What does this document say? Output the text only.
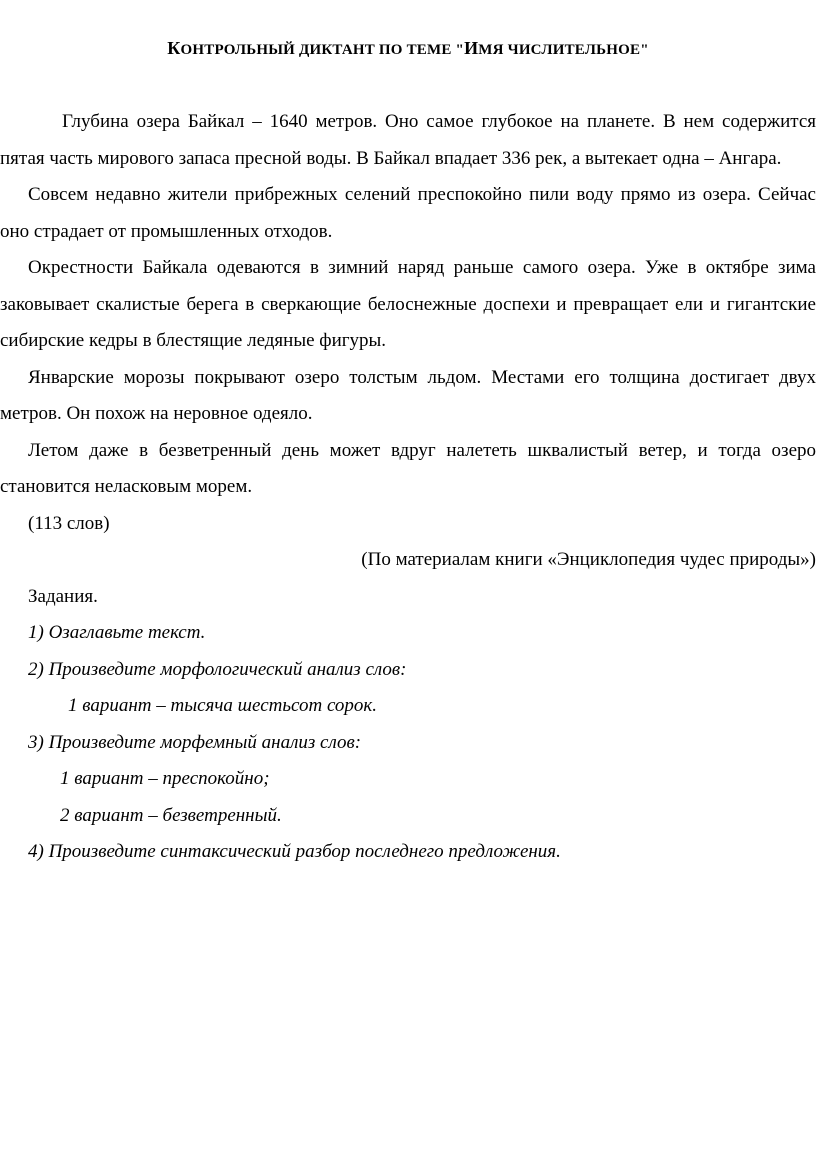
КОНТРОЛЬНЫЙ ДИКТАНТ ПО ТЕМЕ "ИМЯ ЧИСЛИТЕЛЬНОЕ"

Глубина озера Байкал – 1640 метров. Оно самое глубокое на планете. В нем содержится пятая часть мирового запаса пресной воды. В Байкал впадает 336 рек, а вытекает одна – Ангара.

Совсем недавно жители прибрежных селений преспокойно пили воду прямо из озера. Сейчас оно страдает от промышленных отходов.

Окрестности Байкала одеваются в зимний наряд раньше самого озера. Уже в октябре зима заковывает скалистые берега в сверкающие белоснежные доспехи и превращает ели и гигантские сибирские кедры в блестящие ледяные фигуры.

Январские морозы покрывают озеро толстым льдом. Местами его толщина достигает двух метров. Он похож на неровное одеяло.

Летом даже в безветренный день может вдруг налететь шквалистый ветер, и тогда озеро становится неласковым морем.

(113 слов)

(По материалам книги «Энциклопедия чудес природы»)

Задания.

1) Озаглавьте текст.

2) Произведите морфологический анализ слов:

1 вариант – тысяча шестьсот сорок.

3) Произведите морфемный анализ слов:

1 вариант – преспокойно;

2 вариант – безветренный.

4) Произведите синтаксический разбор последнего предложения.
